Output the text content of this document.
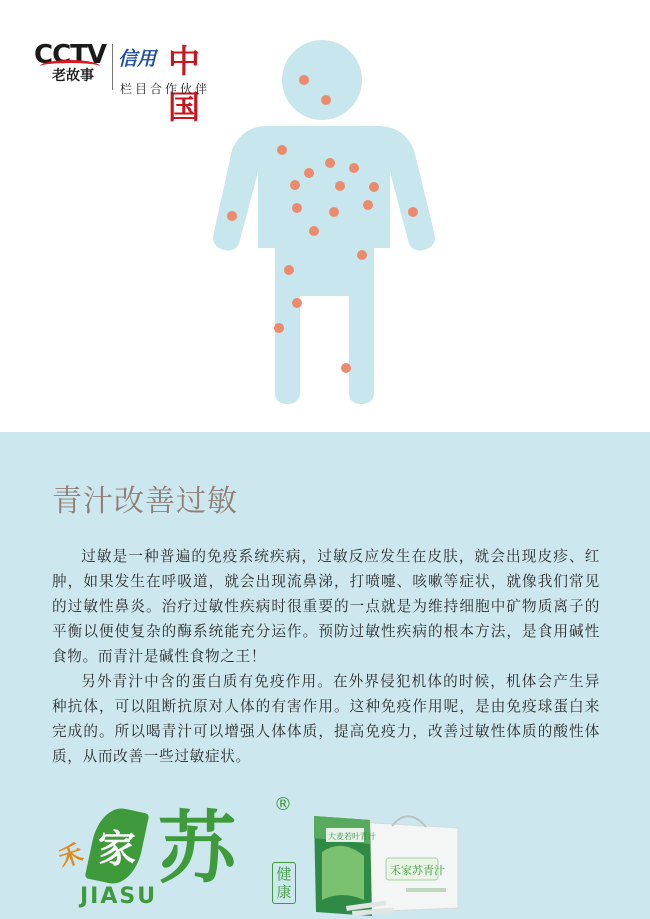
CCTV
老故事
信用 中国
栏目合作伙伴
青汁改善过敏

过敏是一种普遍的免疫系统疾病，过敏反应发生在皮肤，就会出现皮疹、红肿，如果发生在呼吸道，就会出现流鼻涕，打喷嚏、咳嗽等症状，就像我们常见的过敏性鼻炎。治疗过敏性疾病时很重要的一点就是为维持细胞中矿物质离子的平衡以便使复杂的酶系统能充分运作。预防过敏性疾病的根本方法，是食用碱性食物。而青汁是碱性食物之王！

另外青汁中含的蛋白质有免疫作用。在外界侵犯机体的时候，机体会产生异种抗体，可以阻断抗原对人体的有害作用。这种免疫作用呢，是由免疫球蛋白来完成的。所以喝青汁可以增强人体体质，提高免疫力，改善过敏性体质的酸性体质，从而改善一些过敏症状。

家
禾 苏
JIASU
®
健康
禾家苏青汁
大麦若叶青汁
